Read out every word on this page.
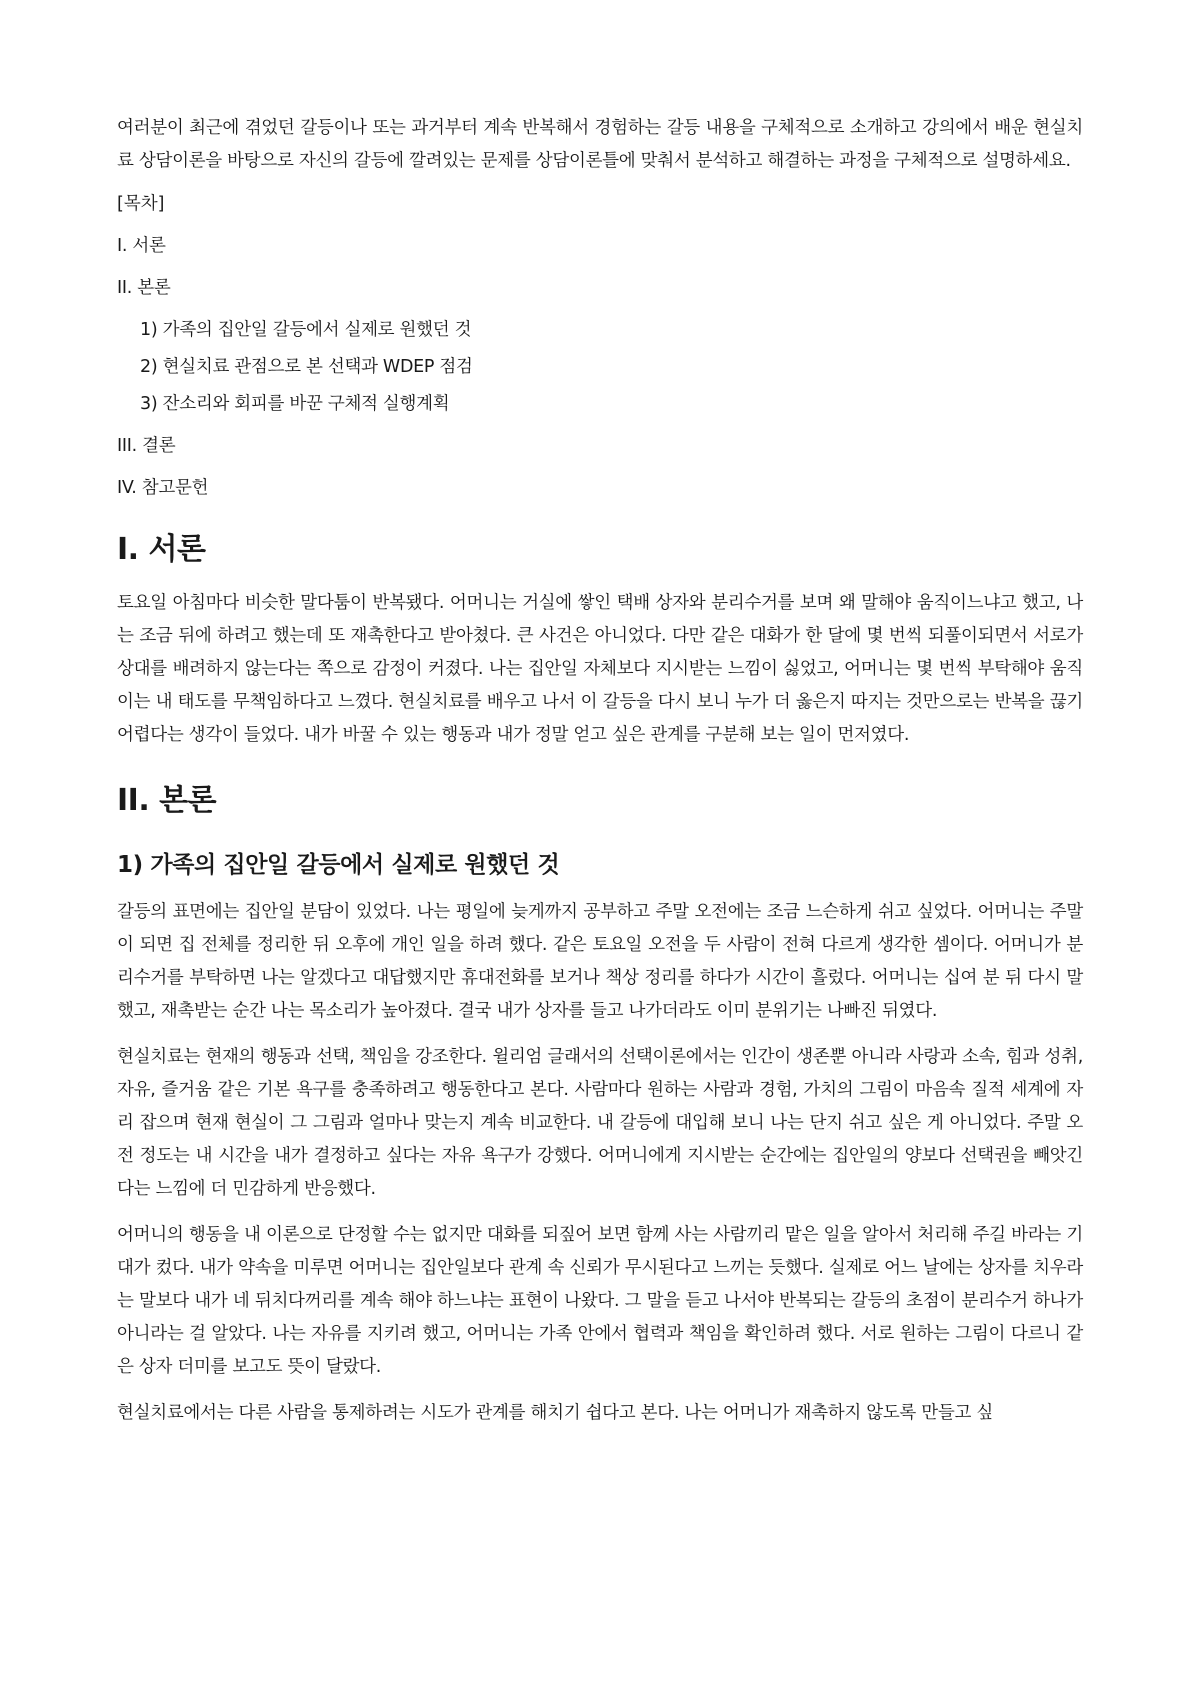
여러분이 최근에 겪었던 갈등이나 또는 과거부터 계속 반복해서 경험하는 갈등 내용을 구체적으로 소개하고 강의에서 배운 현실치료 상담이론을 바탕으로 자신의 갈등에 깔려있는 문제를 상담이론틀에 맞춰서 분석하고 해결하는 과정을 구체적으로 설명하세요.

[목차]
I. 서론
II. 본론
1) 가족의 집안일 갈등에서 실제로 원했던 것
2) 현실치료 관점으로 본 선택과 WDEP 점검
3) 잔소리와 회피를 바꾼 구체적 실행계획
III. 결론
IV. 참고문헌
I. 서론

토요일 아침마다 비슷한 말다툼이 반복됐다. 어머니는 거실에 쌓인 택배 상자와 분리수거를 보며 왜 말해야 움직이느냐고 했고, 나는 조금 뒤에 하려고 했는데 또 재촉한다고 받아쳤다. 큰 사건은 아니었다. 다만 같은 대화가 한 달에 몇 번씩 되풀이되면서 서로가 상대를 배려하지 않는다는 쪽으로 감정이 커졌다. 나는 집안일 자체보다 지시받는 느낌이 싫었고, 어머니는 몇 번씩 부탁해야 움직이는 내 태도를 무책임하다고 느꼈다. 현실치료를 배우고 나서 이 갈등을 다시 보니 누가 더 옳은지 따지는 것만으로는 반복을 끊기 어렵다는 생각이 들었다. 내가 바꿀 수 있는 행동과 내가 정말 얻고 싶은 관계를 구분해 보는 일이 먼저였다.

II. 본론
1) 가족의 집안일 갈등에서 실제로 원했던 것

갈등의 표면에는 집안일 분담이 있었다. 나는 평일에 늦게까지 공부하고 주말 오전에는 조금 느슨하게 쉬고 싶었다. 어머니는 주말이 되면 집 전체를 정리한 뒤 오후에 개인 일을 하려 했다. 같은 토요일 오전을 두 사람이 전혀 다르게 생각한 셈이다. 어머니가 분리수거를 부탁하면 나는 알겠다고 대답했지만 휴대전화를 보거나 책상 정리를 하다가 시간이 흘렀다. 어머니는 십여 분 뒤 다시 말했고, 재촉받는 순간 나는 목소리가 높아졌다. 결국 내가 상자를 들고 나가더라도 이미 분위기는 나빠진 뒤였다.

현실치료는 현재의 행동과 선택, 책임을 강조한다. 윌리엄 글래서의 선택이론에서는 인간이 생존뿐 아니라 사랑과 소속, 힘과 성취, 자유, 즐거움 같은 기본 욕구를 충족하려고 행동한다고 본다. 사람마다 원하는 사람과 경험, 가치의 그림이 마음속 질적 세계에 자리 잡으며 현재 현실이 그 그림과 얼마나 맞는지 계속 비교한다. 내 갈등에 대입해 보니 나는 단지 쉬고 싶은 게 아니었다. 주말 오전 정도는 내 시간을 내가 결정하고 싶다는 자유 욕구가 강했다. 어머니에게 지시받는 순간에는 집안일의 양보다 선택권을 빼앗긴다는 느낌에 더 민감하게 반응했다.

어머니의 행동을 내 이론으로 단정할 수는 없지만 대화를 되짚어 보면 함께 사는 사람끼리 맡은 일을 알아서 처리해 주길 바라는 기대가 컸다. 내가 약속을 미루면 어머니는 집안일보다 관계 속 신뢰가 무시된다고 느끼는 듯했다. 실제로 어느 날에는 상자를 치우라는 말보다 내가 네 뒤치다꺼리를 계속 해야 하느냐는 표현이 나왔다. 그 말을 듣고 나서야 반복되는 갈등의 초점이 분리수거 하나가 아니라는 걸 알았다. 나는 자유를 지키려 했고, 어머니는 가족 안에서 협력과 책임을 확인하려 했다. 서로 원하는 그림이 다르니 같은 상자 더미를 보고도 뜻이 달랐다.

현실치료에서는 다른 사람을 통제하려는 시도가 관계를 해치기 쉽다고 본다. 나는 어머니가 재촉하지 않도록 만들고 싶
